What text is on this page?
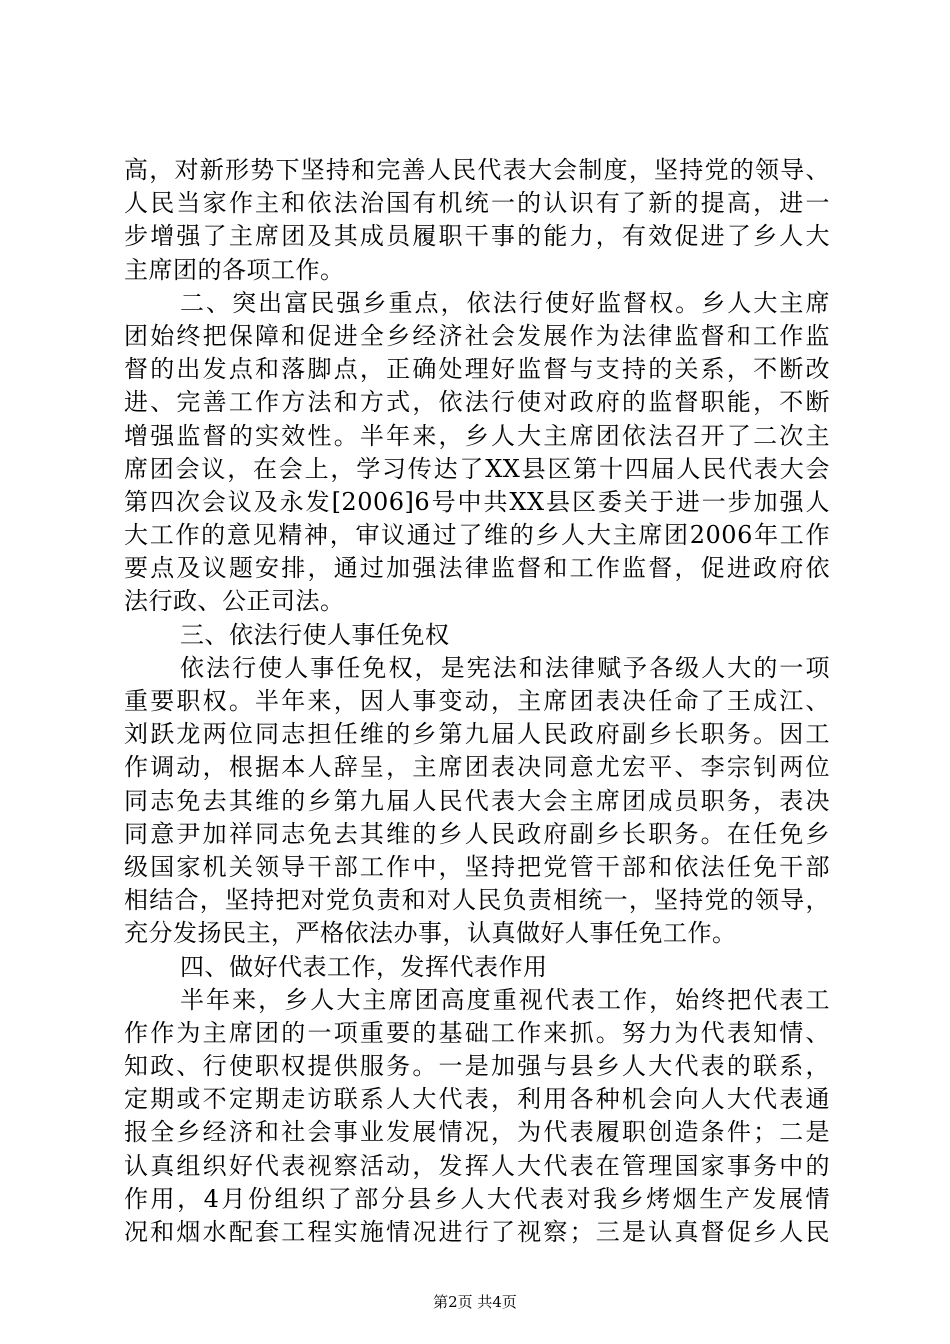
高，对新形势下坚持和完善人民代表大会制度，坚持党的领导、
人民当家作主和依法治国有机统一的认识有了新的提高，进一
步增强了主席团及其成员履职干事的能力，有效促进了乡人大
主席团的各项工作。
二、突出富民强乡重点，依法行使好监督权。乡人大主席
团始终把保障和促进全乡经济社会发展作为法律监督和工作监
督的出发点和落脚点，正确处理好监督与支持的关系，不断改
进、完善工作方法和方式，依法行使对政府的监督职能，不断
增强监督的实效性。半年来，乡人大主席团依法召开了二次主
席团会议，在会上，学习传达了XX县区第十四届人民代表大会
第四次会议及永发[2006]6号中共XX县区委关于进一步加强人
大工作的意见精神，审议通过了维的乡人大主席团2006年工作
要点及议题安排，通过加强法律监督和工作监督，促进政府依
法行政、公正司法。
三、依法行使人事任免权
依法行使人事任免权，是宪法和法律赋予各级人大的一项
重要职权。半年来，因人事变动，主席团表决任命了王成江、
刘跃龙两位同志担任维的乡第九届人民政府副乡长职务。因工
作调动，根据本人辞呈，主席团表决同意尤宏平、李宗钊两位
同志免去其维的乡第九届人民代表大会主席团成员职务，表决
同意尹加祥同志免去其维的乡人民政府副乡长职务。在任免乡
级国家机关领导干部工作中，坚持把党管干部和依法任免干部
相结合，坚持把对党负责和对人民负责相统一，坚持党的领导，
充分发扬民主，严格依法办事，认真做好人事任免工作。
四、做好代表工作，发挥代表作用
半年来，乡人大主席团高度重视代表工作，始终把代表工
作作为主席团的一项重要的基础工作来抓。努力为代表知情、
知政、行使职权提供服务。一是加强与县乡人大代表的联系，
定期或不定期走访联系人大代表，利用各种机会向人大代表通
报全乡经济和社会事业发展情况，为代表履职创造条件；二是
认真组织好代表视察活动，发挥人大代表在管理国家事务中的
作用，4月份组织了部分县乡人大代表对我乡烤烟生产发展情
况和烟水配套工程实施情况进行了视察；三是认真督促乡人民
第2页 共4页
